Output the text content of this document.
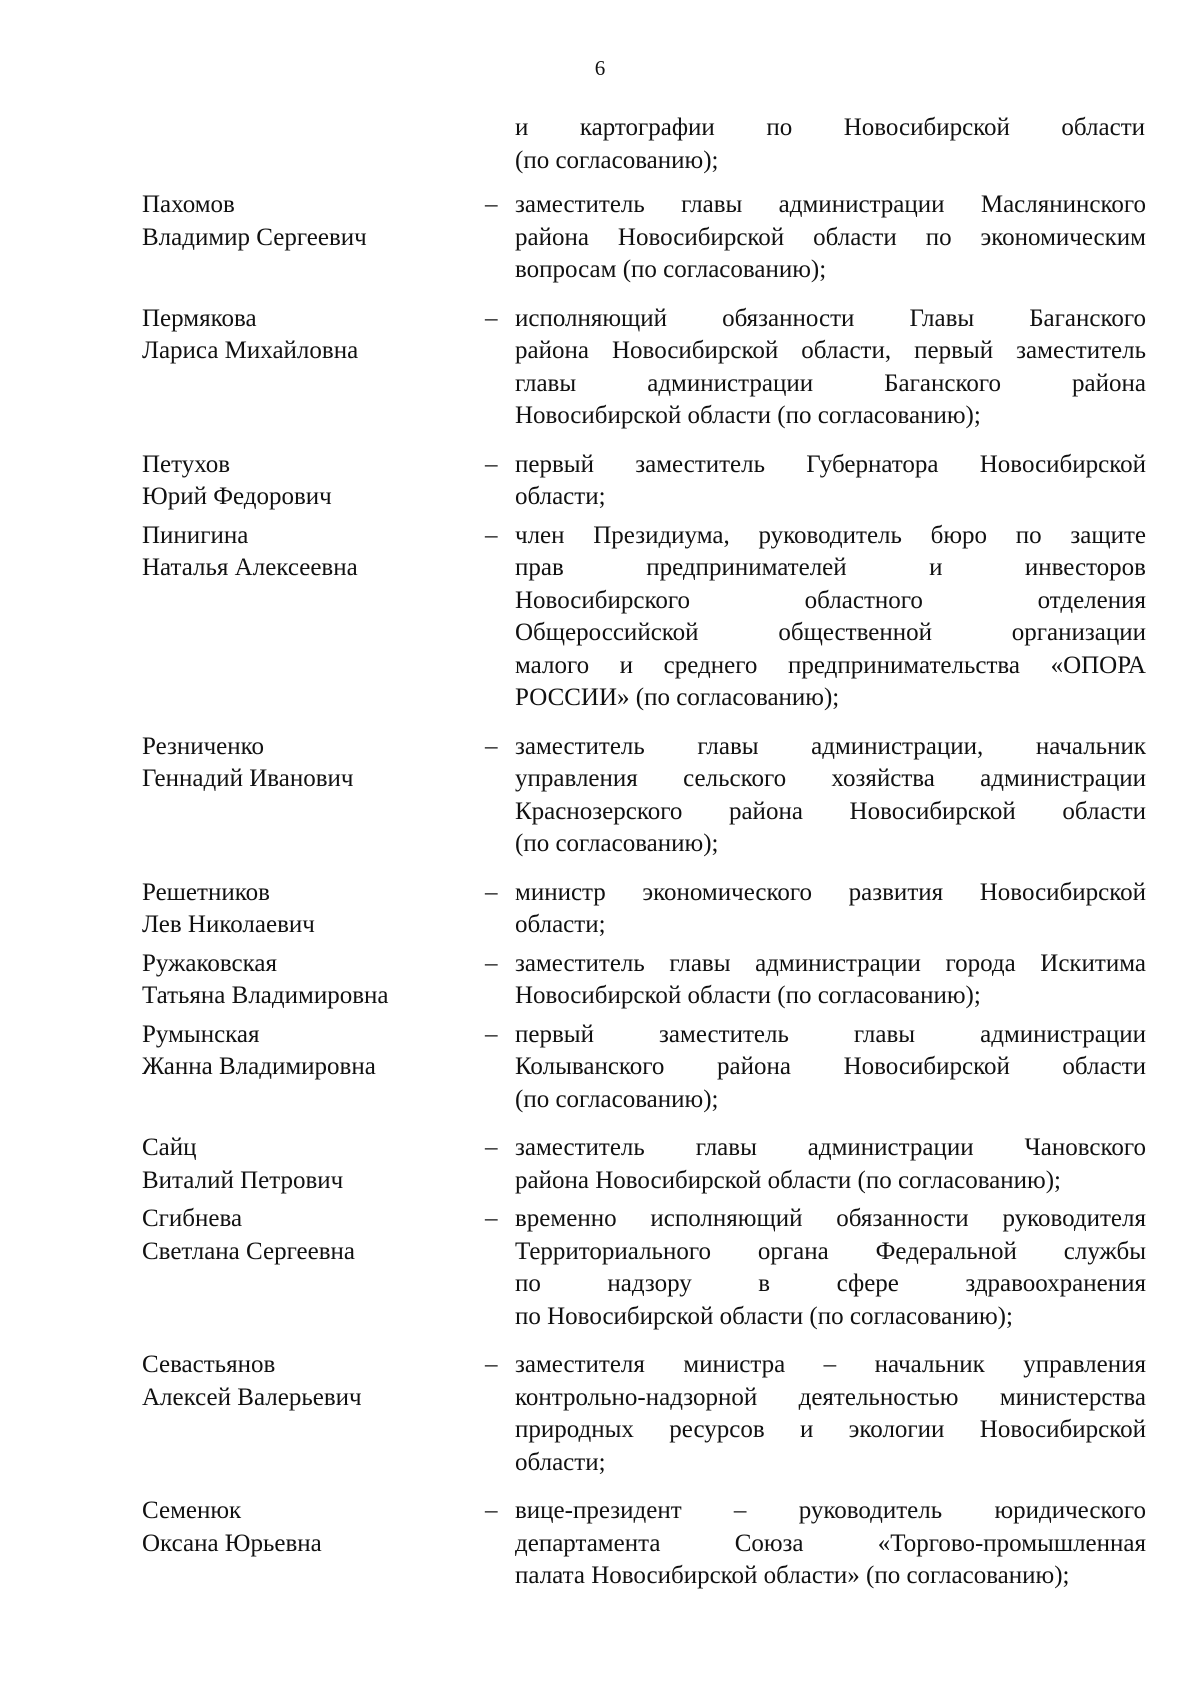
6
и картографии по Новосибирской области
(по согласованию);
Пахомов
Владимир Сергеевич
– заместитель главы администрации Маслянинского
района Новосибирской области по экономическим
вопросам (по согласованию);
Пермякова
Лариса Михайловна
– исполняющий обязанности Главы Баганского
района Новосибирской области, первый заместитель
главы администрации Баганского района
Новосибирской области (по согласованию);
Петухов
Юрий Федорович
– первый заместитель Губернатора Новосибирской
области;
Пинигина
Наталья Алексеевна
– член Президиума, руководитель бюро по защите
прав предпринимателей и инвесторов
Новосибирского областного отделения
Общероссийской общественной организации
малого и среднего предпринимательства «ОПОРА
РОССИИ» (по согласованию);
Резниченко
Геннадий Иванович
– заместитель главы администрации, начальник
управления сельского хозяйства администрации
Краснозерского района Новосибирской области
(по согласованию);
Решетников
Лев Николаевич
– министр экономического развития Новосибирской
области;
Ружаковская
Татьяна Владимировна
– заместитель главы администрации города Искитима
Новосибирской области (по согласованию);
Румынская
Жанна Владимировна
– первый заместитель главы администрации
Колыванского района Новосибирской области
(по согласованию);
Сайц
Виталий Петрович
– заместитель главы администрации Чановского
района Новосибирской области (по согласованию);
Сгибнева
Светлана Сергеевна
– временно исполняющий обязанности руководителя
Территориального органа Федеральной службы
по надзору в сфере здравоохранения
по Новосибирской области (по согласованию);
Севастьянов
Алексей Валерьевич
– заместителя министра – начальник управления
контрольно-надзорной деятельностью министерства
природных ресурсов и экологии Новосибирской
области;
Семенюк
Оксана Юрьевна
– вице-президент – руководитель юридического
департамента Союза «Торгово-промышленная
палата Новосибирской области» (по согласованию);
